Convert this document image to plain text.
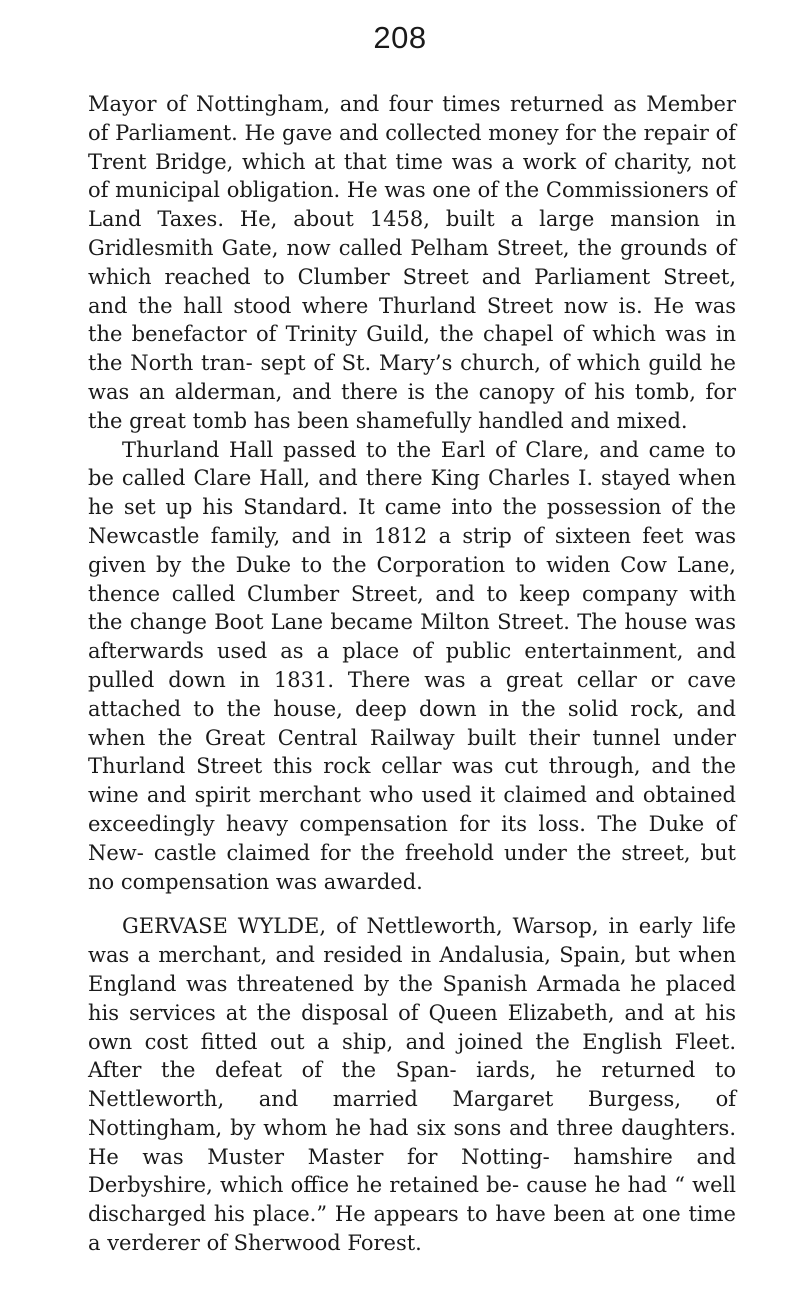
208

Mayor of Nottingham, and four times returned as Member of Parliament. He gave and collected money for the repair of Trent Bridge, which at that time was a work of charity, not of municipal obligation. He was one of the Commissioners of Land Taxes. He, about 1458, built a large mansion in Gridlesmith Gate, now called Pelham Street, the grounds of which reached to Clumber Street and Parliament Street, and the hall stood where Thurland Street now is. He was the benefactor of Trinity Guild, the chapel of which was in the North tran- sept of St. Mary’s church, of which guild he was an alderman, and there is the canopy of his tomb, for the great tomb has been shamefully handled and mixed.

Thurland Hall passed to the Earl of Clare, and came to be called Clare Hall, and there King Charles I. stayed when he set up his Standard. It came into the possession of the Newcastle family, and in 1812 a strip of sixteen feet was given by the Duke to the Corporation to widen Cow Lane, thence called Clumber Street, and to keep company with the change Boot Lane became Milton Street. The house was afterwards used as a place of public entertainment, and pulled down in 1831. There was a great cellar or cave attached to the house, deep down in the solid rock, and when the Great Central Railway built their tunnel under Thurland Street this rock cellar was cut through, and the wine and spirit merchant who used it claimed and obtained exceedingly heavy compensation for its loss. The Duke of New- castle claimed for the freehold under the street, but no compensation was awarded.

GERVASE WYLDE, of Nettleworth, Warsop, in early life was a merchant, and resided in Andalusia, Spain, but when England was threatened by the Spanish Armada he placed his services at the disposal of Queen Elizabeth, and at his own cost fitted out a ship, and joined the English Fleet. After the defeat of the Span- iards, he returned to Nettleworth, and married Margaret Burgess, of Nottingham, by whom he had six sons and three daughters. He was Muster Master for Notting- hamshire and Derbyshire, which office he retained be- cause he had “ well discharged his place.” He appears to have been at one time a verderer of Sherwood Forest.
